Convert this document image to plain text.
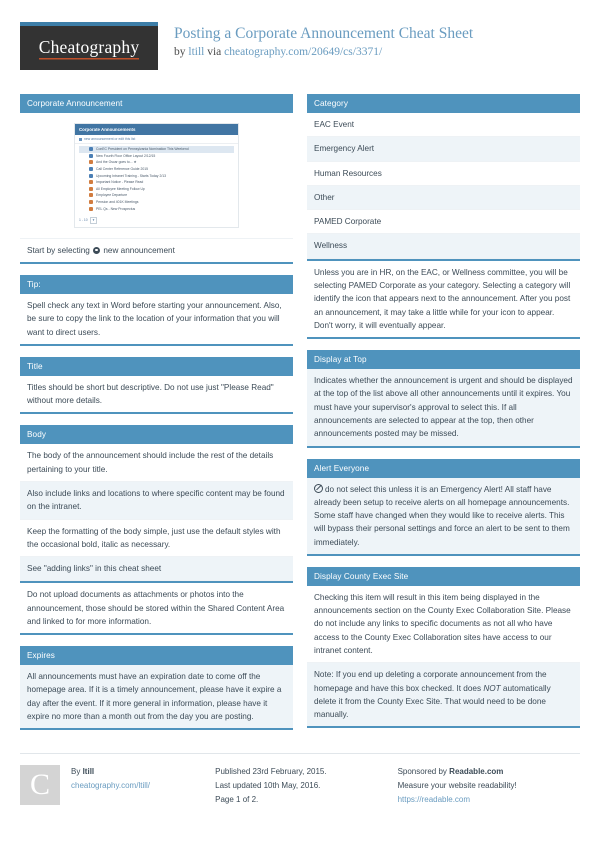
Cheatography
Posting a Corporate Announcement Cheat Sheet
by ltill via cheatography.com/20649/cs/3371/
Corporate Announcement
Corporate Announcements
new announcement or edit this list
ConEC President on Pennsylvania Nomination This Weekend
New Fourth Floor Office Layout 2/12/15
And the Oscar goes to... ★
Call Center Reference Guide 2015
Upcoming Intranet Training - Starts Today 2/13
Important Notice - Please Read
All Employee Meeting Follow Up
Employee Departure
Pension and 401K Meetings
PEL Qs - New Prospectus
1 - 10	▾
Start by selecting new announcement
Tip:
Spell check any text in Word before starting your announcement. Also, be sure to copy the link to the location of your information that you will want to direct users.
Title
Titles should be short but descriptive. Do not use just "Please Read" without more details.
Body
The body of the announcement should include the rest of the details pertaining to your title.
Also include links and locations to where specific content may be found on the intranet.
Keep the formatting of the body simple, just use the default styles with the occasional bold, italic as necessary.
See "adding links" in this cheat sheet
Do not upload documents as attachments or photos into the announcement, those should be stored within the Shared Content Area and linked to for more information.
Expires
All announcements must have an expiration date to come off the homepage area. If it is a timely announcement, please have it expire a day after the event. If it more general in information, please have it expire no more than a month out from the day you are posting.
Category
EAC Event
Emergency Alert
Human Resources
Other
PAMED Corporate
Wellness
Unless you are in HR, on the EAC, or Wellness committee, you will be selecting PAMED Corporate as your category. Selecting a category will identify the icon that appears next to the announcement. After you post an announcement, it may take a little while for your icon to appear. Don't worry, it will eventually appear.
Display at Top
Indicates whether the announcement is urgent and should be displayed at the top of the list above all other announcements until it expires. You must have your supervisor's approval to select this. If all announcements are selected to appear at the top, then other announcements posted may be missed.
Alert Everyone
do not select this unless it is an Emergency Alert! All staff have already been setup to receive alerts on all homepage announcements. Some staff have changed when they would like to receive alerts. This will bypass their personal settings and force an alert to be sent to them immediately.
Display County Exec Site
Checking this item will result in this item being displayed in the announcements section on the County Exec Collaboration Site. Please do not include any links to specific documents as not all who have access to the County Exec Collaboration sites have access to our intranet content.
Note: If you end up deleting a corporate announcement from the homepage and have this box checked. It does NOT automatically delete it from the County Exec Site. That would need to be done manually.
C	By ltill
cheatography.com/ltill/
Published 23rd February, 2015.
Last updated 10th May, 2016.
Page 1 of 2.
Sponsored by Readable.com
Measure your website readability!
https://readable.com
